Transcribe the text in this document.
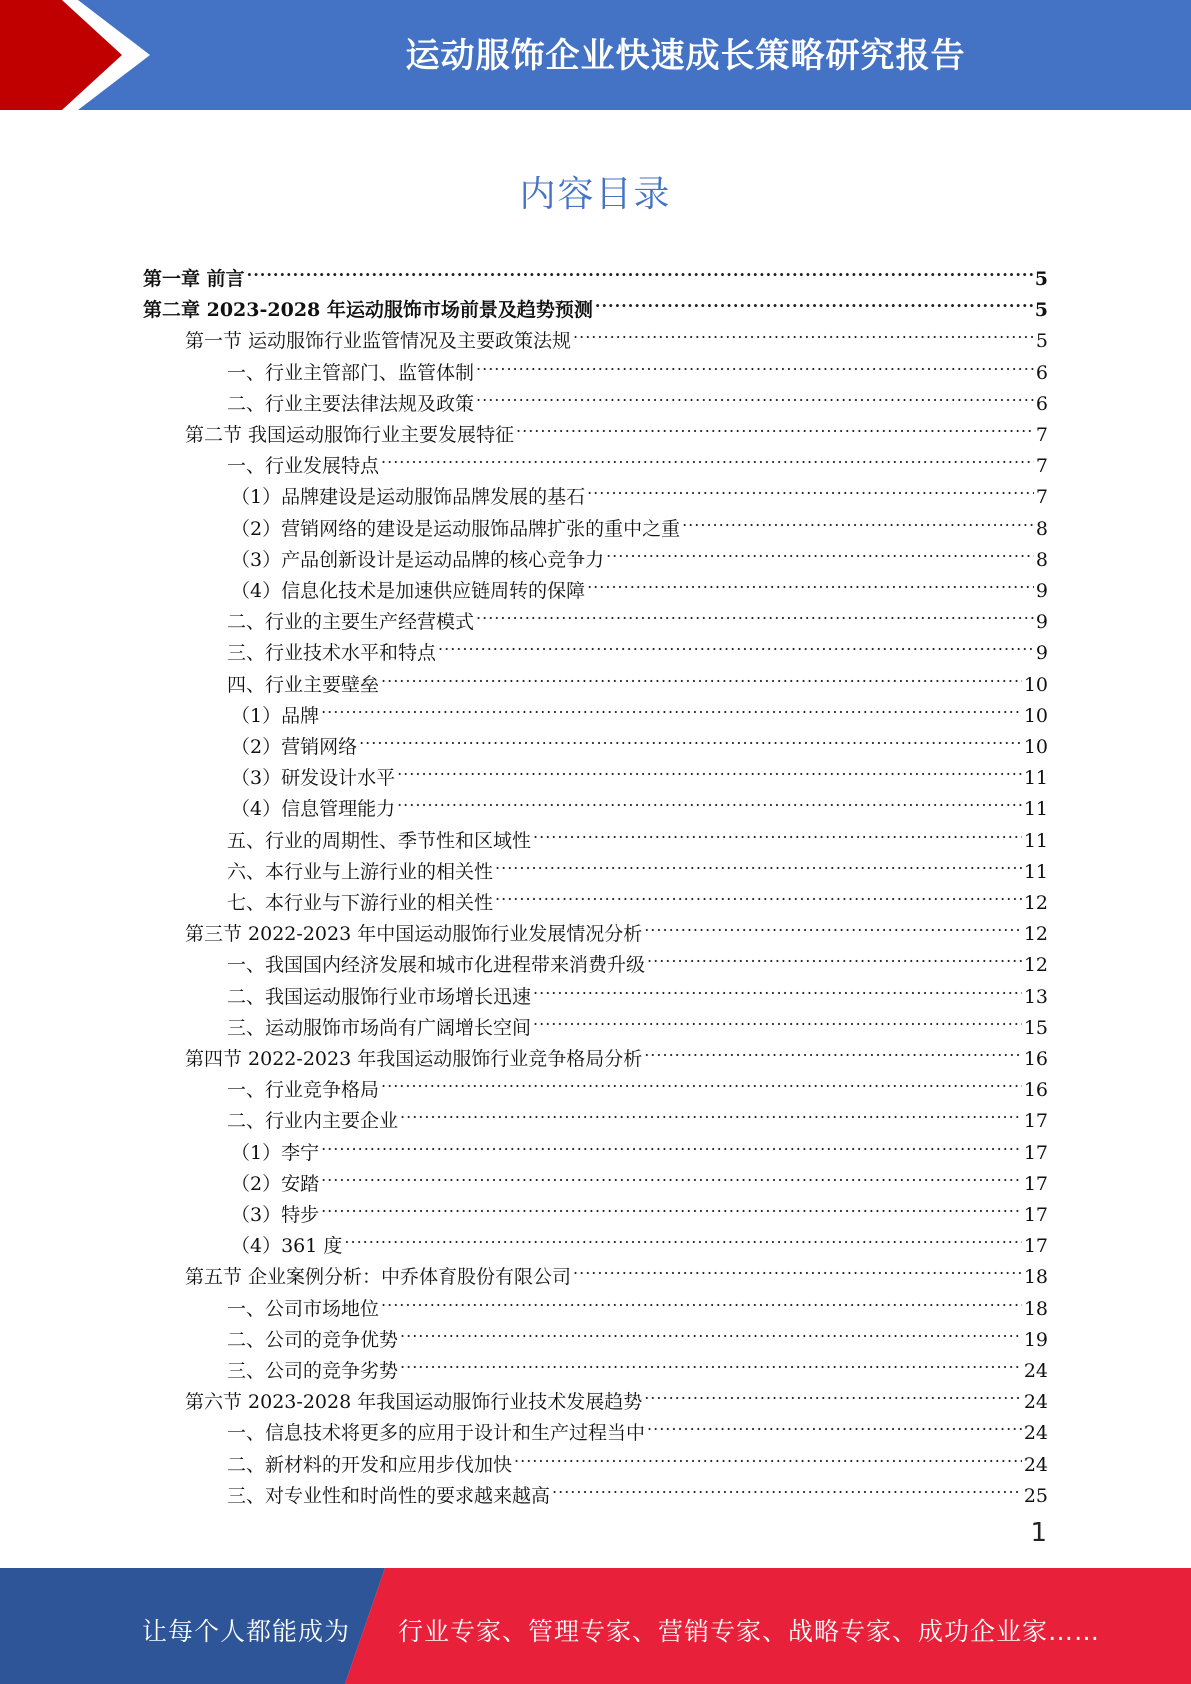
运动服饰企业快速成长策略研究报告
内容目录
第一章 前言 .....	5
第二章 2023-2028 年运动服饰市场前景及趋势预测 .....	5
第一节 运动服饰行业监管情况及主要政策法规 .....	5
一、行业主管部门、监管体制 .....	6
二、行业主要法律法规及政策 .....	6
第二节 我国运动服饰行业主要发展特征 .....	7
一、行业发展特点 .....	7
（1）品牌建设是运动服饰品牌发展的基石 .....	7
（2）营销网络的建设是运动服饰品牌扩张的重中之重 .....	8
（3）产品创新设计是运动品牌的核心竞争力 .....	8
（4）信息化技术是加速供应链周转的保障 .....	9
二、行业的主要生产经营模式 .....	9
三、行业技术水平和特点 .....	9
四、行业主要壁垒 .....	10
（1）品牌 .....	10
（2）营销网络 .....	10
（3）研发设计水平 .....	11
（4）信息管理能力 .....	11
五、行业的周期性、季节性和区域性 .....	11
六、本行业与上游行业的相关性 .....	11
七、本行业与下游行业的相关性 .....	12
第三节 2022-2023 年中国运动服饰行业发展情况分析 .....	12
一、我国国内经济发展和城市化进程带来消费升级 .....	12
二、我国运动服饰行业市场增长迅速 .....	13
三、运动服饰市场尚有广阔增长空间 .....	15
第四节 2022-2023 年我国运动服饰行业竞争格局分析 .....	16
一、行业竞争格局 .....	16
二、行业内主要企业 .....	17
（1）李宁 .....	17
（2）安踏 .....	17
（3）特步 .....	17
（4）361 度 .....	17
第五节 企业案例分析：中乔体育股份有限公司 .....	18
一、公司市场地位 .....	18
二、公司的竞争优势 .....	19
三、公司的竞争劣势 .....	24
第六节 2023-2028 年我国运动服饰行业技术发展趋势 .....	24
一、信息技术将更多的应用于设计和生产过程当中 .....	24
二、新材料的开发和应用步伐加快 .....	24
三、对专业性和时尚性的要求越来越高 .....	25
1
让每个人都能成为 行业专家、管理专家、营销专家、战略专家、成功企业家……
